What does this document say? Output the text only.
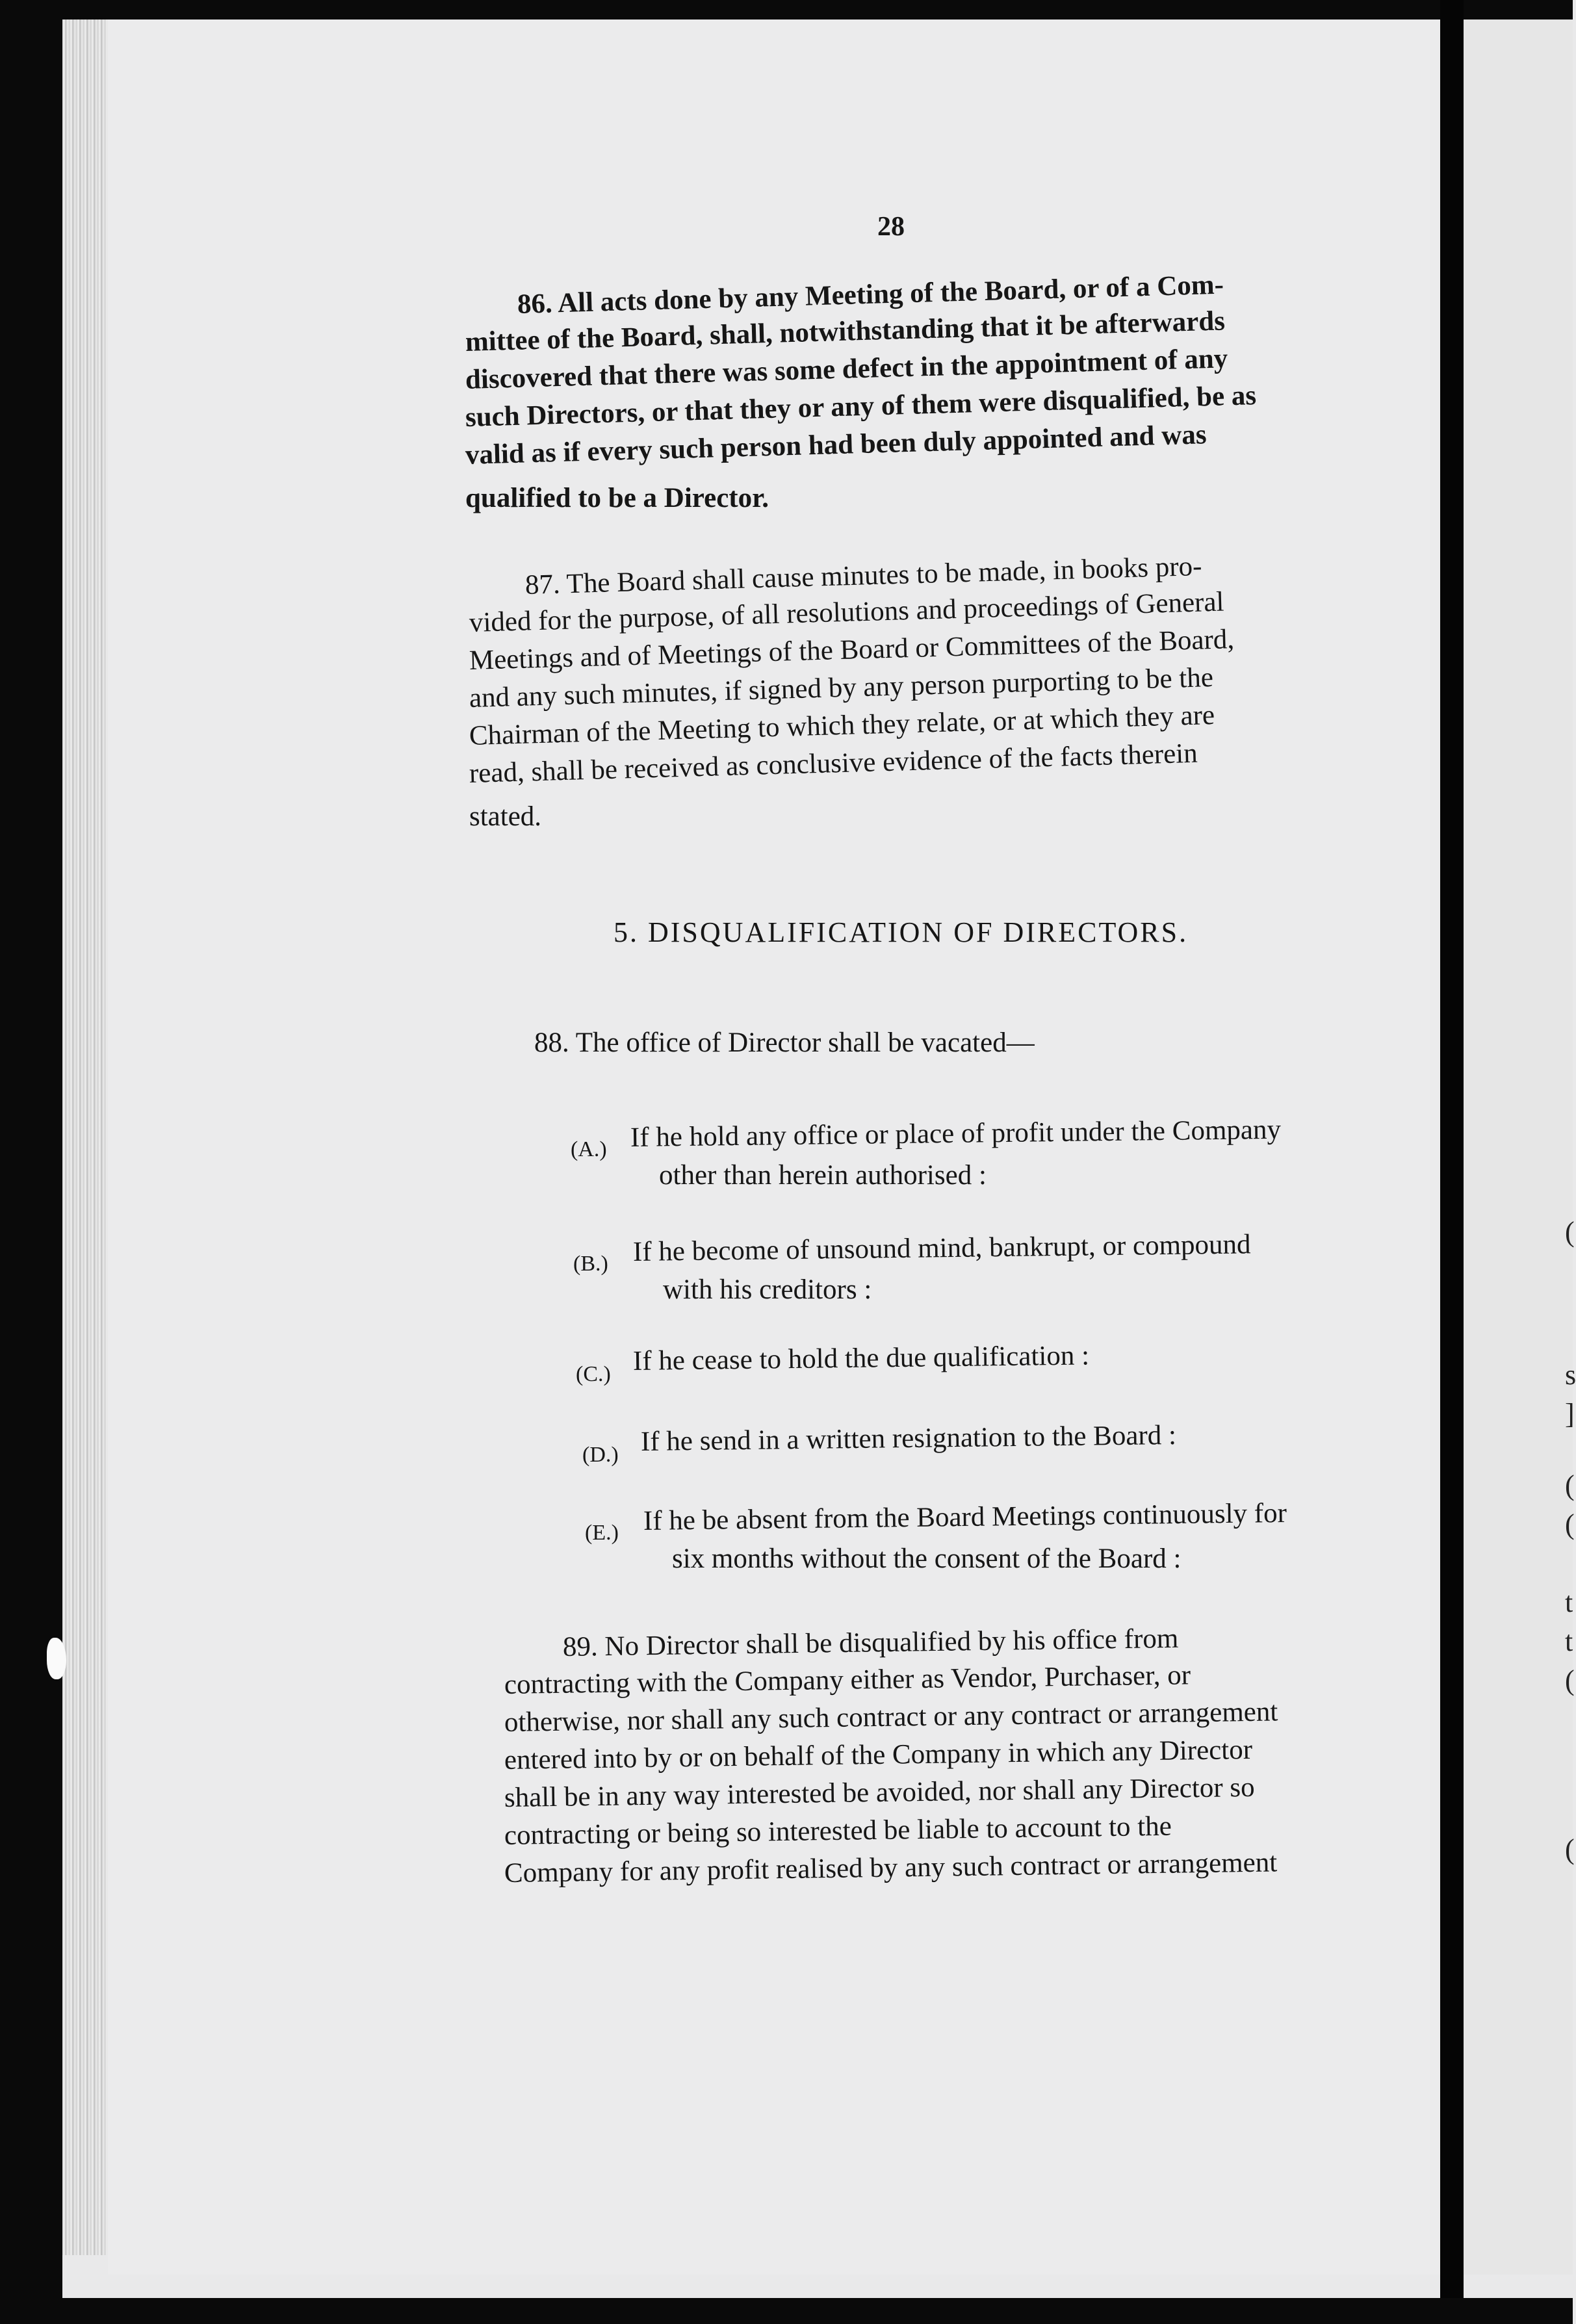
28
86. All acts done by any Meeting of the Board, or of a Com-
mittee of the Board, shall, notwithstanding that it be afterwards
discovered that there was some defect in the appointment of any
such Directors, or that they or any of them were disqualified, be as
valid as if every such person had been duly appointed and was
qualified to be a Director.
87. The Board shall cause minutes to be made, in books pro-
vided for the purpose, of all resolutions and proceedings of General
Meetings and of Meetings of the Board or Committees of the Board,
and any such minutes, if signed by any person purporting to be the
Chairman of the Meeting to which they relate, or at which they are
read, shall be received as conclusive evidence of the facts therein
stated.
5. DISQUALIFICATION OF DIRECTORS.
88. The office of Director shall be vacated—
(A.) If he hold any office or place of profit under the Company
other than herein authorised :
(B.) If he become of unsound mind, bankrupt, or compound
with his creditors :
(C.) If he cease to hold the due qualification :
(D.) If he send in a written resignation to the Board :
(E.) If he be absent from the Board Meetings continuously for
six months without the consent of the Board :
89. No Director shall be disqualified by his office from
contracting with the Company either as Vendor, Purchaser, or
otherwise, nor shall any such contract or any contract or arrangement
entered into by or on behalf of the Company in which any Director
shall be in any way interested be avoided, nor shall any Director so
contracting or being so interested be liable to account to the
Company for any profit realised by any such contract or arrangement
(
s
]
(
(
t
t
(
(
